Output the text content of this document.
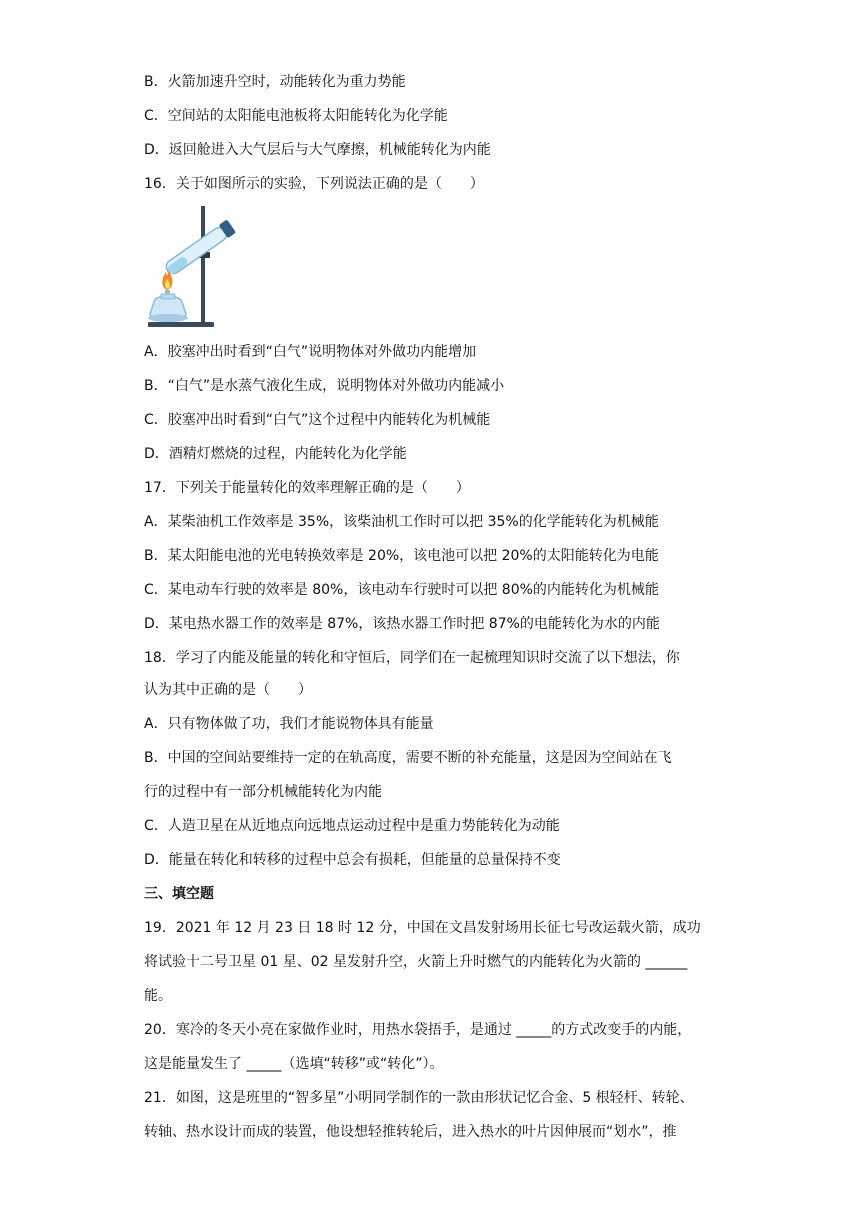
B．火箭加速升空时，动能转化为重力势能
C．空间站的太阳能电池板将太阳能转化为化学能
D．返回舱进入大气层后与大气摩擦，机械能转化为内能
16．关于如图所示的实验，下列说法正确的是（　　）
A．胶塞冲出时看到“白气”说明物体对外做功内能增加
B．“白气”是水蒸气液化生成，说明物体对外做功内能减小
C．胶塞冲出时看到“白气”这个过程中内能转化为机械能
D．酒精灯燃烧的过程，内能转化为化学能
17．下列关于能量转化的效率理解正确的是（　　）
A．某柴油机工作效率是 35%，该柴油机工作时可以把 35%的化学能转化为机械能
B．某太阳能电池的光电转换效率是 20%，该电池可以把 20%的太阳能转化为电能
C．某电动车行驶的效率是 80%，该电动车行驶时可以把 80%的内能转化为机械能
D．某电热水器工作的效率是 87%，该热水器工作时把 87%的电能转化为水的内能
18．学习了内能及能量的转化和守恒后，同学们在一起梳理知识时交流了以下想法，你
认为其中正确的是（　　）
A．只有物体做了功，我们才能说物体具有能量
B．中国的空间站要维持一定的在轨高度，需要不断的补充能量，这是因为空间站在飞
行的过程中有一部分机械能转化为内能
C．人造卫星在从近地点向远地点运动过程中是重力势能转化为动能
D．能量在转化和转移的过程中总会有损耗，但能量的总量保持不变
三、填空题
19．2021 年 12 月 23 日 18 时 12 分，中国在文昌发射场用长征七号改运载火箭，成功
将试验十二号卫星 01 星、02 星发射升空，火箭上升时燃气的内能转化为火箭的 ______
能。
20．寒冷的冬天小亮在家做作业时，用热水袋捂手，是通过 _____的方式改变手的内能，
这是能量发生了 _____（选填“转移”或“转化”）。
21．如图，这是班里的“智多星”小明同学制作的一款由形状记忆合金、5 根轻杆、转轮、
转轴、热水设计而成的装置，他设想轻推转轮后，进入热水的叶片因伸展而“划水”，推
